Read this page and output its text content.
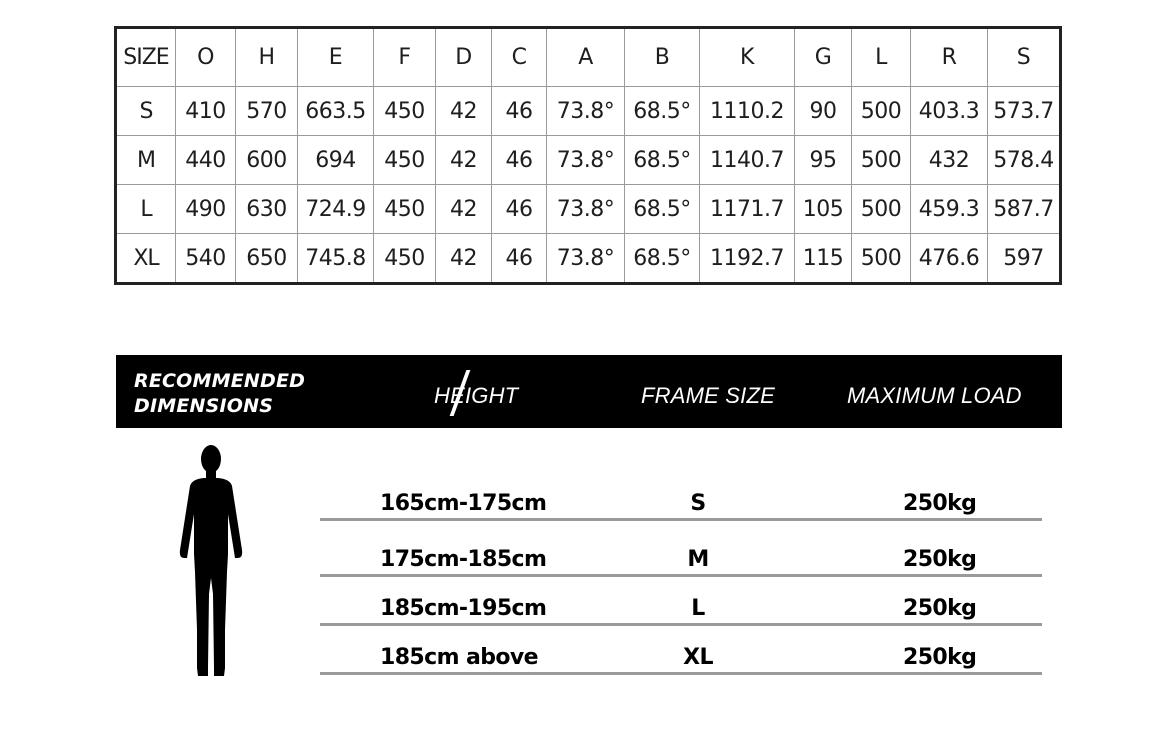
SIZE	O	H	E	F	D	C	A	B	K	G	L	R	S
S	410	570	663.5	450	42	46	73.8°	68.5°	1110.2	90	500	403.3	573.7
M	440	600	694	450	42	46	73.8°	68.5°	1140.7	95	500	432	578.4
L	490	630	724.9	450	42	46	73.8°	68.5°	1171.7	105	500	459.3	587.7
XL	540	650	745.8	450	42	46	73.8°	68.5°	1192.7	115	500	476.6	597
RECOMMENDED
DIMENSIONS	HEIGHT	FRAME SIZE	MAXIMUM LOAD
165cm-175cm	S	250kg
175cm-185cm	M	250kg
185cm-195cm	L	250kg
185cm above	XL	250kg
